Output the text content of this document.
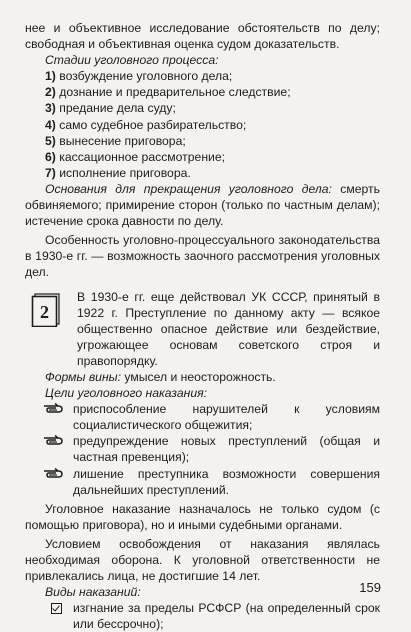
нее и объективное исследование обстоятельств по делу; свободная и объективная оценка судом доказательств.

Стадии уголовного процесса:

1) возбуждение уголовного дела;
2) дознание и предварительное следствие;
3) предание дела суду;
4) само судебное разбирательство;
5) вынесение приговора;
6) кассационное рассмотрение;
7) исполнение приговора.

Основания для прекращения уголовного дела: смерть обвиняемого; примирение сторон (только по частным делам); истечение срока давности по делу.

Особенность уголовно-процессуального законодательства в 1930-е гг. — возможность заочного рассмотрения уголовных дел.

2

В 1930-е гг. еще действовал УК СССР, принятый в 1922 г. Преступление по данному акту — всякое общественно опасное действие или бездействие, угрожающее основам советского строя и правопорядку.

Формы вины: умысел и неосторожность.

Цели уголовного наказания:

приспособление нарушителей к условиям социалистического общежития;
предупреждение новых преступлений (общая и частная превенция);
лишение преступника возможности совершения дальнейших преступлений.

Уголовное наказание назначалось не только судом (с помощью приговора), но и иными судебными органами.

Условием освобождения от наказания являлась необходимая оборона. К уголовной ответственности не привлекались лица, не достигшие 14 лет.

Виды наказаний:

изгнание за пределы РСФСР (на определенный срок или бессрочно);
159
